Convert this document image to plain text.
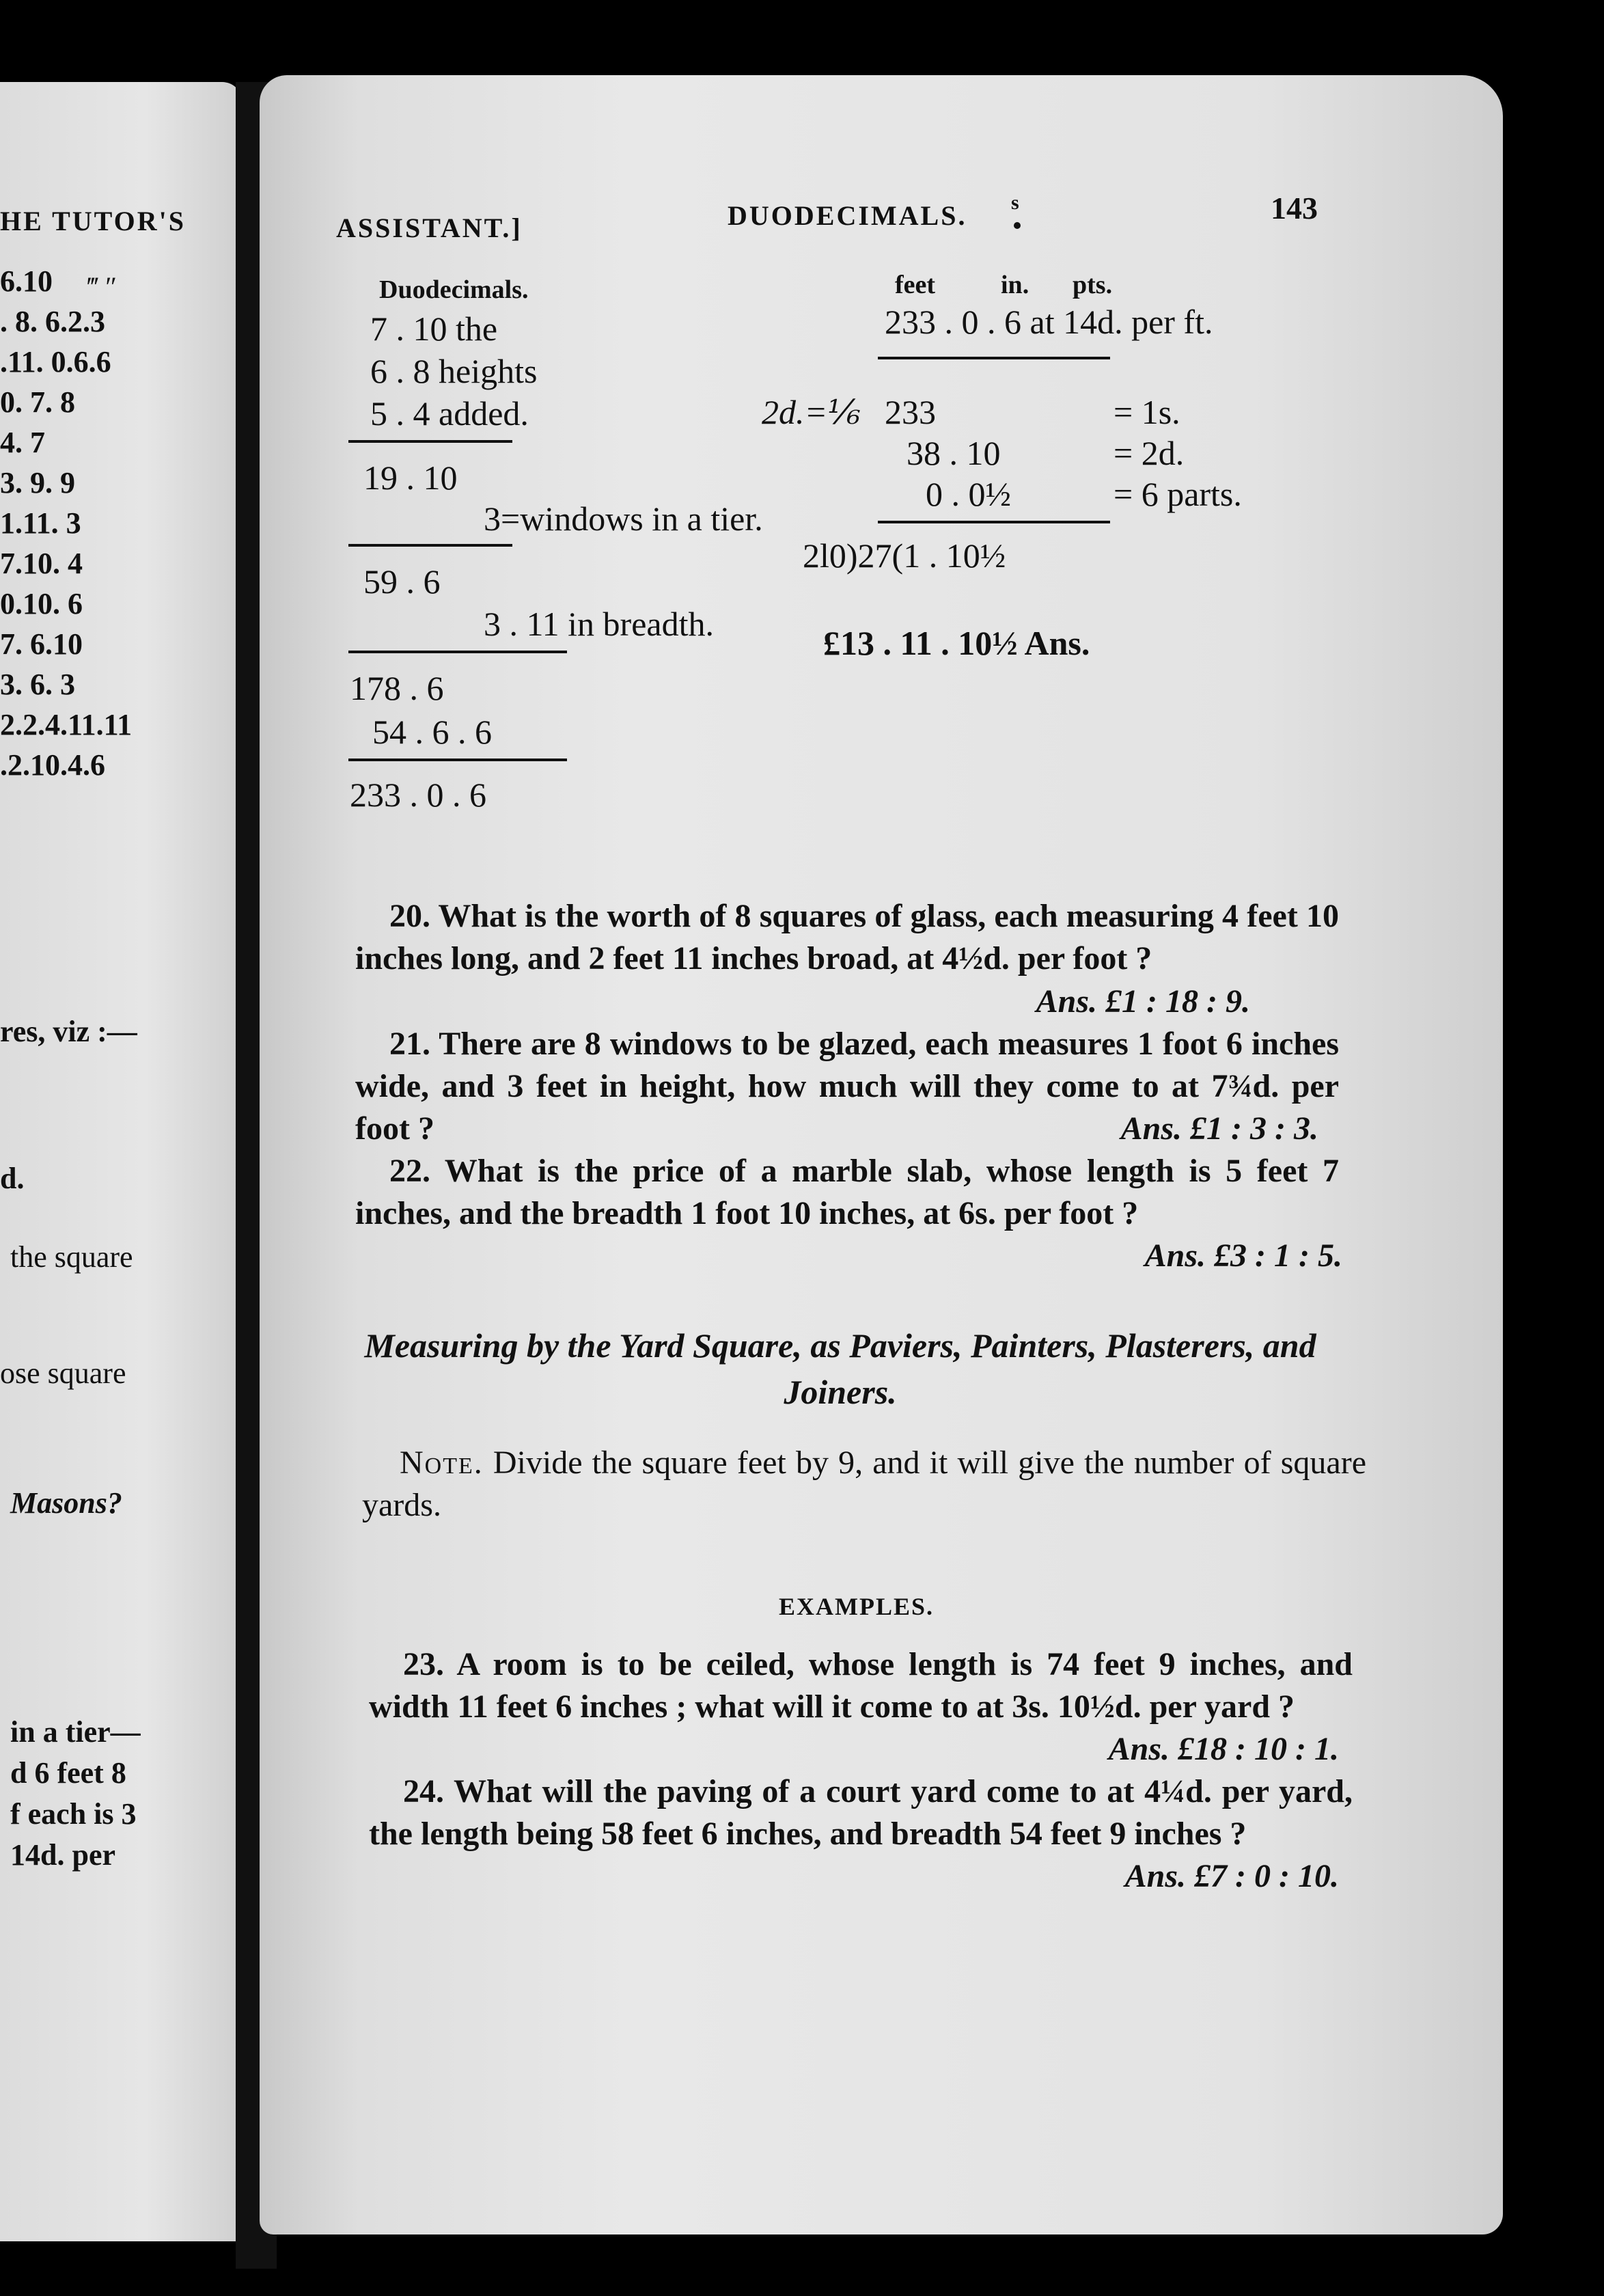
HE TUTOR'S
6.10	‴ ″
. 8. 6.2.3
.11. 0.6.6
0. 7. 8
4. 7
3. 9. 9
1.11. 3
7.10. 4
0.10. 6
7. 6.10
3. 6. 3
2.2.4.11.11
.2.10.4.6
res, viz :—
d.
the square
ose square
Masons?
in a tier—
d 6 feet 8
f each is 3
14d. per
ASSISTANT.]	DUODECIMALS. s	143
Duodecimals.
7 . 10 the
6 . 8 heights
5 . 4 added.
19 . 10
3=windows in a tier.
59 . 6
3 . 11 in breadth.
178 . 6
54 . 6 . 6
233 . 0 . 6
feet	in. pts.
233 . 0 . 6 at 14d. per ft.
2d.=⅙ 233	= 1s.
38 . 10	= 2d.
0 . 0½	= 6 parts.
2l0)27(1 . 10½
£13 . 11 . 10½ Ans.
20. What is the worth of 8 squares of glass, each measuring 4 feet 10 inches long, and 2 feet 11 inches broad, at 4½d. per foot ?
Ans. £1 : 18 : 9.
21. There are 8 windows to be glazed, each measures 1 foot 6 inches wide, and 3 feet in height, how much will they come to at 7¾d. per foot ?	Ans. £1 : 3 : 3.
22. What is the price of a marble slab, whose length is 5 feet 7 inches, and the breadth 1 foot 10 inches, at 6s. per foot ?
Ans. £3 : 1 : 5.
Measuring by the Yard Square, as Paviers, Painters, Plasterers, and Joiners.
Note. Divide the square feet by 9, and it will give the number of square yards.
EXAMPLES.
23. A room is to be ceiled, whose length is 74 feet 9 inches, and width 11 feet 6 inches ; what will it come to at 3s. 10½d. per yard ?
Ans. £18 : 10 : 1.
24. What will the paving of a court yard come to at 4¼d. per yard, the length being 58 feet 6 inches, and breadth 54 feet 9 inches ?
Ans. £7 : 0 : 10.
